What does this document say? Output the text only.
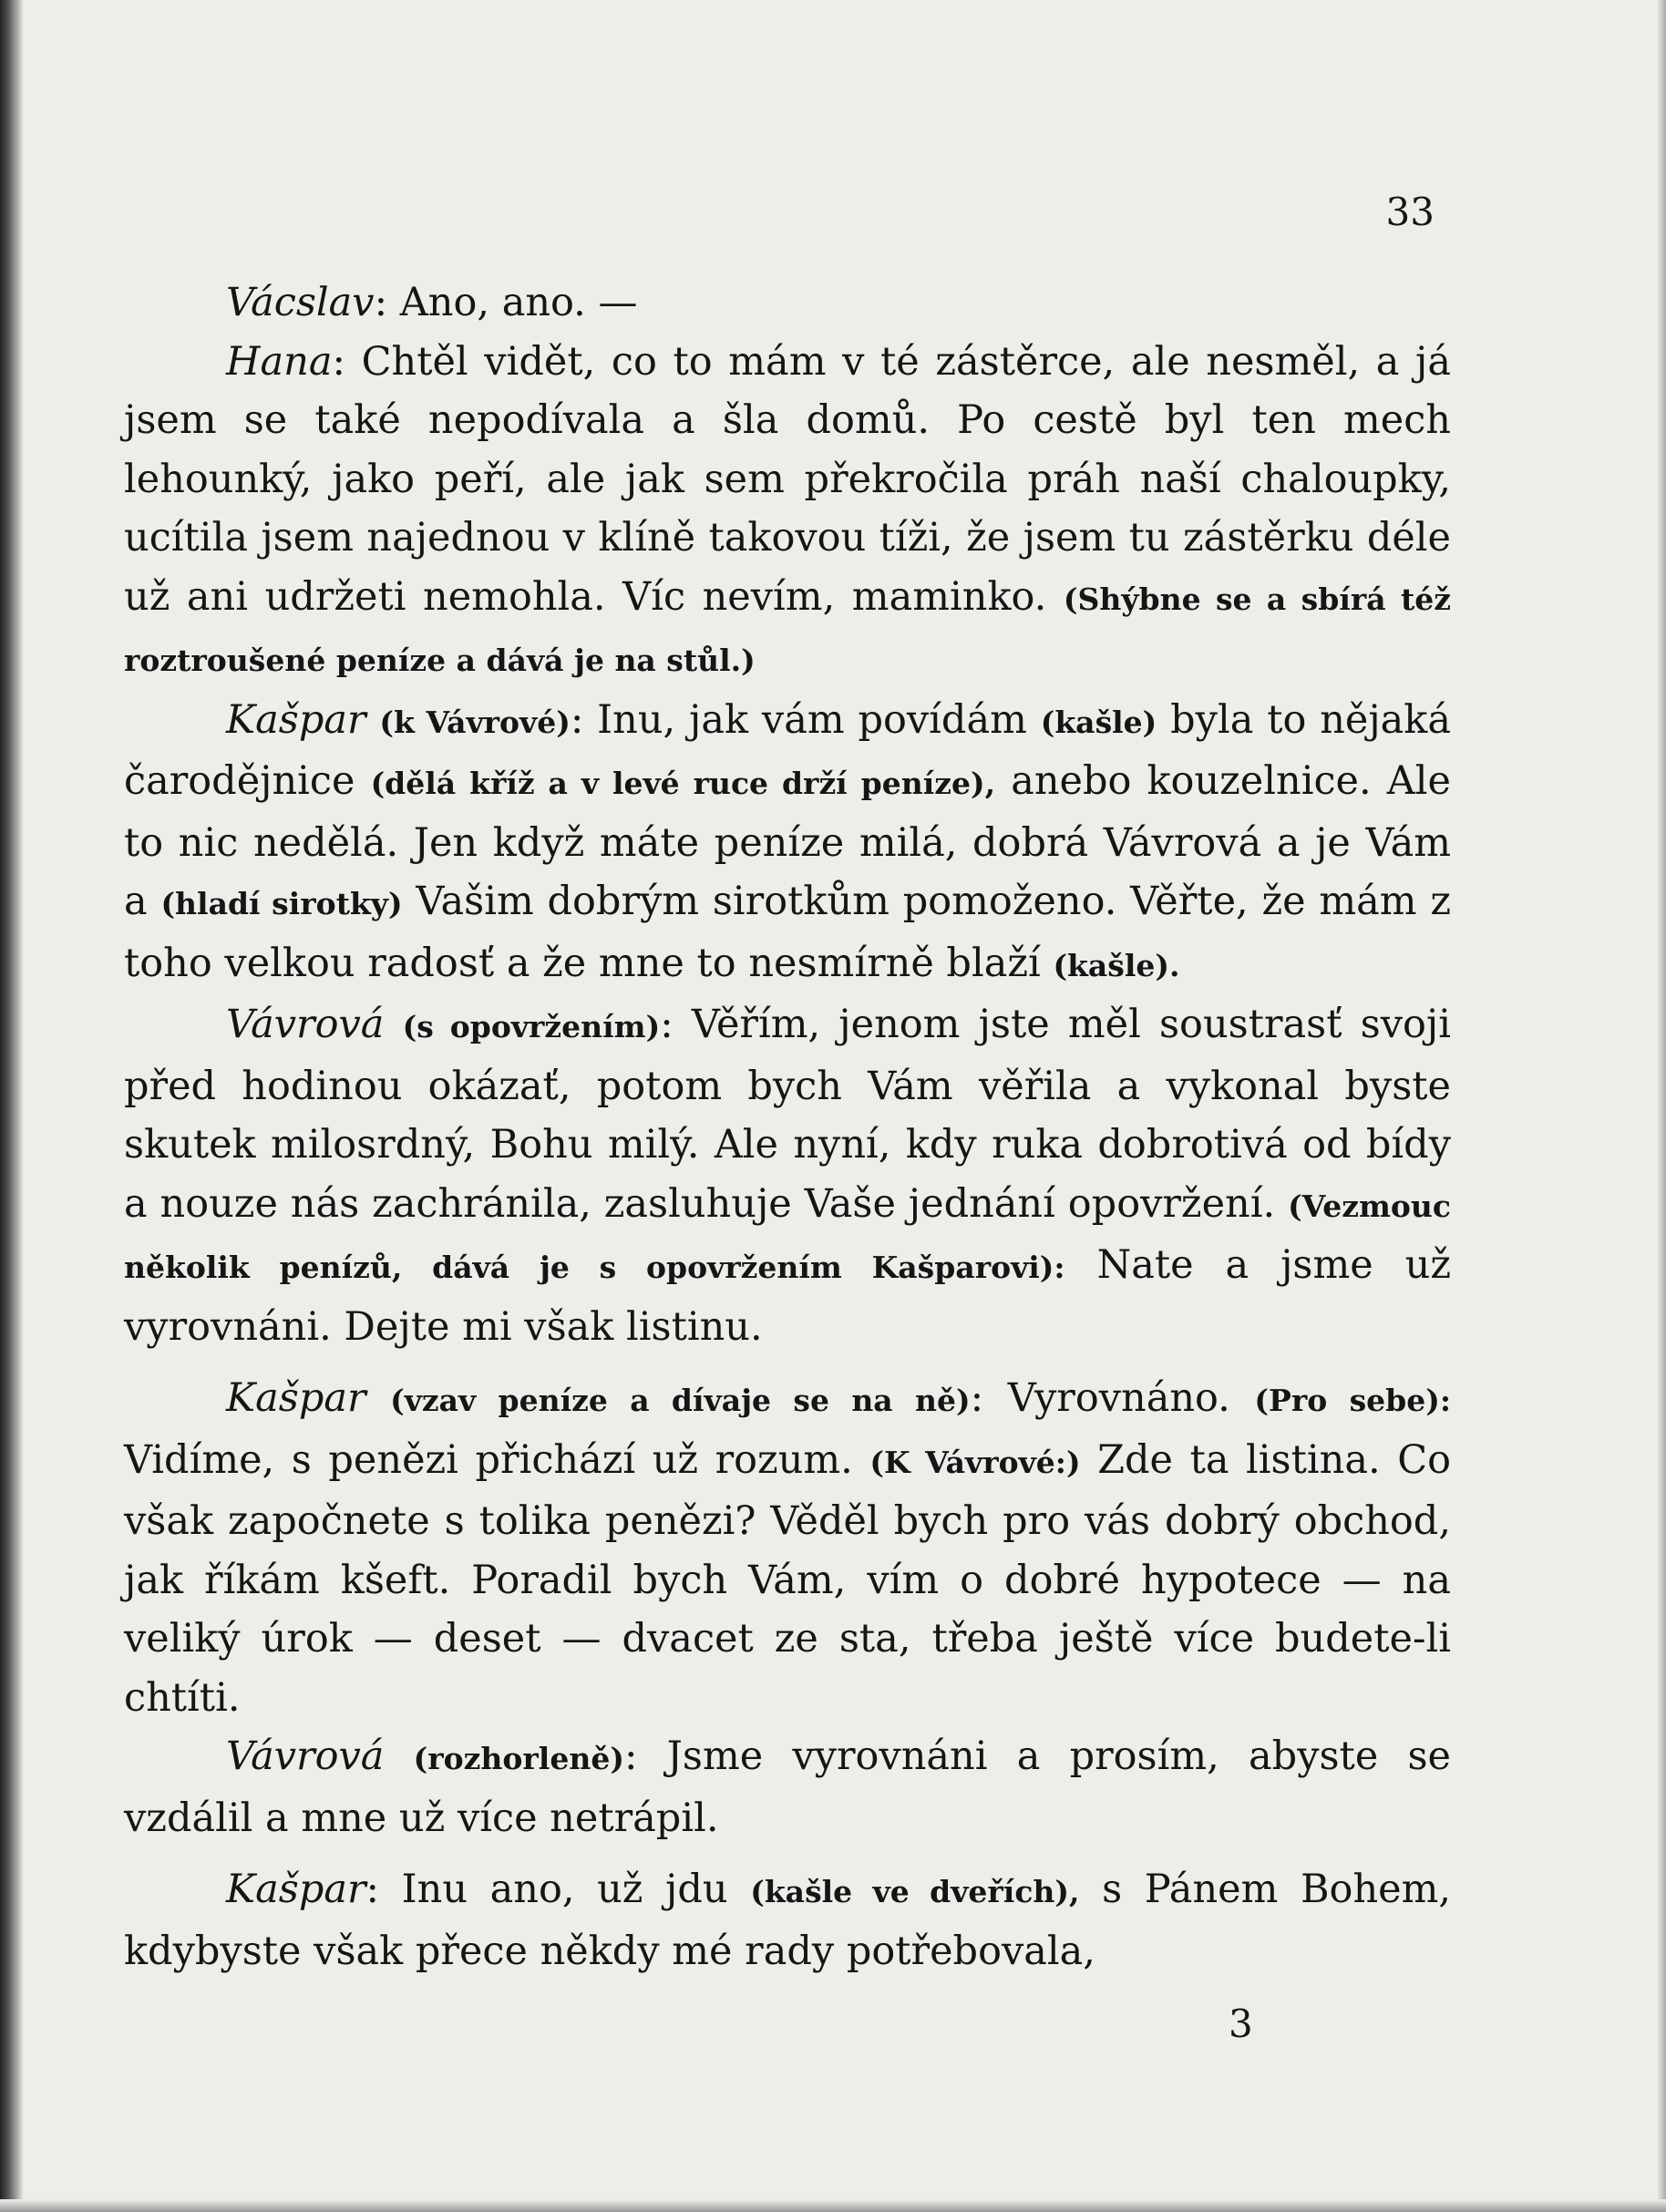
33

Vácslav: Ano, ano. —

Hana: Chtěl vidět, co to mám v té zástěrce, ale nesměl, a já jsem se také nepodívala a šla domů. Po cestě byl ten mech lehounký, jako peří, ale jak sem překročila práh naší chaloupky, ucítila jsem najednou v klíně takovou tíži, že jsem tu zástěrku déle už ani udržeti nemohla. Víc nevím, maminko. (Shýbne se a sbírá též roztroušené peníze a dává je na stůl.)

Kašpar (k Vávrové): Inu, jak vám povídám (kašle) byla to nějaká čarodějnice (dělá kříž a v levé ruce drží peníze), anebo kouzelnice. Ale to nic nedělá. Jen když máte peníze milá, dobrá Vávrová a je Vám a (hladí sirotky) Vašim dobrým sirotkům pomoženo. Věřte, že mám z toho velkou radosť a že mne to nesmírně blaží (kašle).

Vávrová (s opovržením): Věřím, jenom jste měl soustrasť svoji před hodinou okázať, potom bych Vám věřila a vykonal byste skutek milosrdný, Bohu milý. Ale nyní, kdy ruka dobrotivá od bídy a nouze nás zachránila, zasluhuje Vaše jednání opovržení. (Vezmouc několik penízů, dává je s opovržením Kašparovi): Nate a jsme už vyrovnáni. Dejte mi však listinu.

Kašpar (vzav peníze a dívaje se na ně): Vyrovnáno. (Pro sebe): Vidíme, s penězi přichází už rozum. (K Vávrové:) Zde ta listina. Co však započnete s tolika penězi? Věděl bych pro vás dobrý obchod, jak říkám kšeft. Poradil bych Vám, vím o dobré hypotece — na veliký úrok — deset — dvacet ze sta, třeba ještě více budete-li chtíti.

Vávrová (rozhorleně): Jsme vyrovnáni a prosím, abyste se vzdálil a mne už více netrápil.

Kašpar: Inu ano, už jdu (kašle ve dveřích), s Pánem Bohem, kdybyste však přece někdy mé rady potřebovala,

3
